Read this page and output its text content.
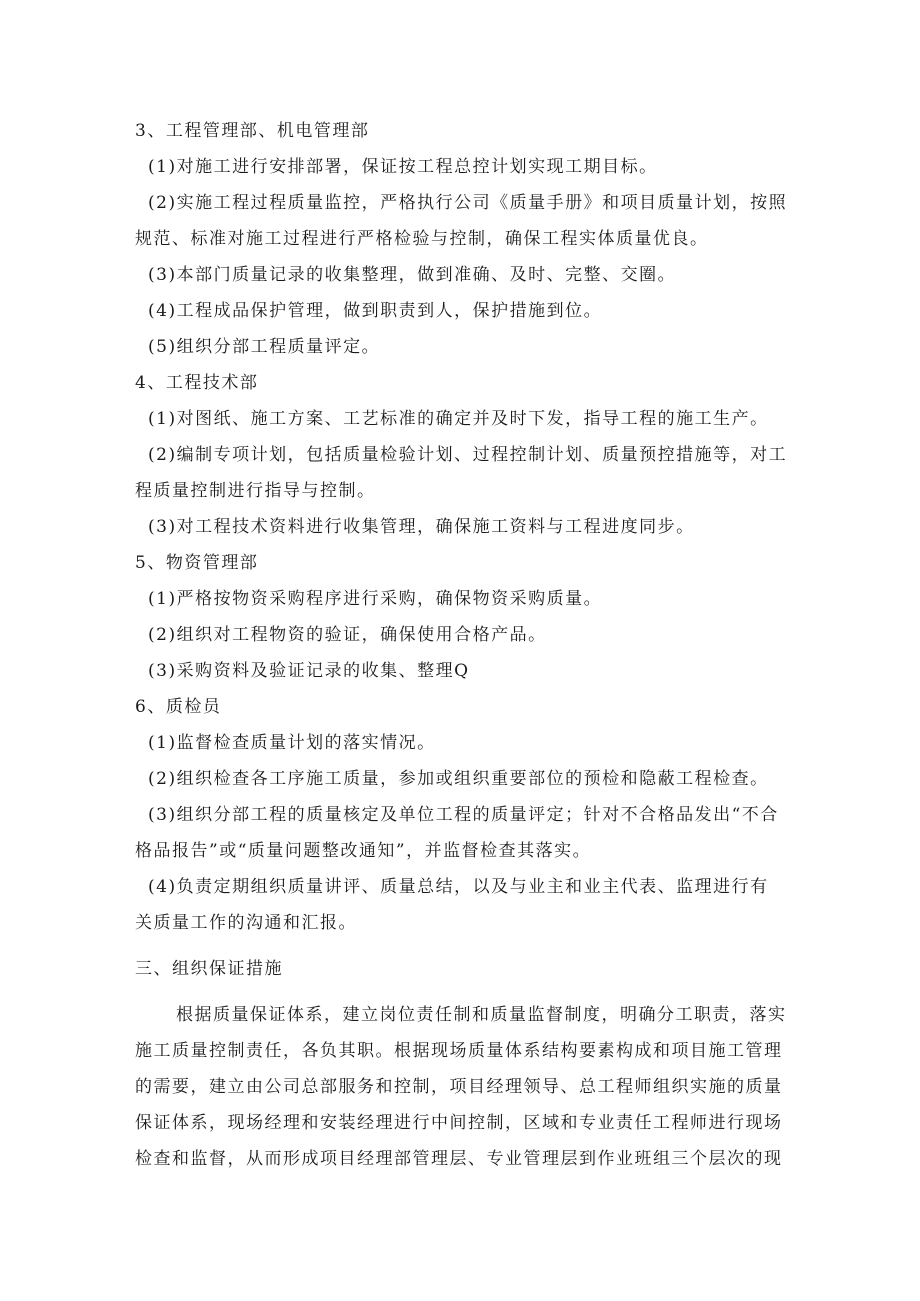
3、工程管理部、机电管理部
(1)对施工进行安排部署，保证按工程总控计划实现工期目标。
(2)实施工程过程质量监控，严格执行公司《质量手册》和项目质量计划，按照
规范、标准对施工过程进行严格检验与控制，确保工程实体质量优良。
(3)本部门质量记录的收集整理，做到准确、及时、完整、交圈。
(4)工程成品保护管理，做到职责到人，保护措施到位。
(5)组织分部工程质量评定。
4、工程技术部
(1)对图纸、施工方案、工艺标准的确定并及时下发，指导工程的施工生产。
(2)编制专项计划，包括质量检验计划、过程控制计划、质量预控措施等，对工
程质量控制进行指导与控制。
(3)对工程技术资料进行收集管理，确保施工资料与工程进度同步。
5、物资管理部
(1)严格按物资采购程序进行采购，确保物资采购质量。
(2)组织对工程物资的验证，确保使用合格产品。
(3)采购资料及验证记录的收集、整理Q
6、质检员
(1)监督检查质量计划的落实情况。
(2)组织检查各工序施工质量，参加或组织重要部位的预检和隐蔽工程检查。
(3)组织分部工程的质量核定及单位工程的质量评定；针对不合格品发出“不合
格品报告”或“质量问题整改通知”，并监督检查其落实。
(4)负责定期组织质量讲评、质量总结，以及与业主和业主代表、监理进行有
关质量工作的沟通和汇报。
三、组织保证措施
根据质量保证体系，建立岗位责任制和质量监督制度，明确分工职责，落实
施工质量控制责任，各负其职。根据现场质量体系结构要素构成和项目施工管理
的需要，建立由公司总部服务和控制，项目经理领导、总工程师组织实施的质量
保证体系，现场经理和安装经理进行中间控制，区域和专业责任工程师进行现场
检查和监督，从而形成项目经理部管理层、专业管理层到作业班组三个层次的现
